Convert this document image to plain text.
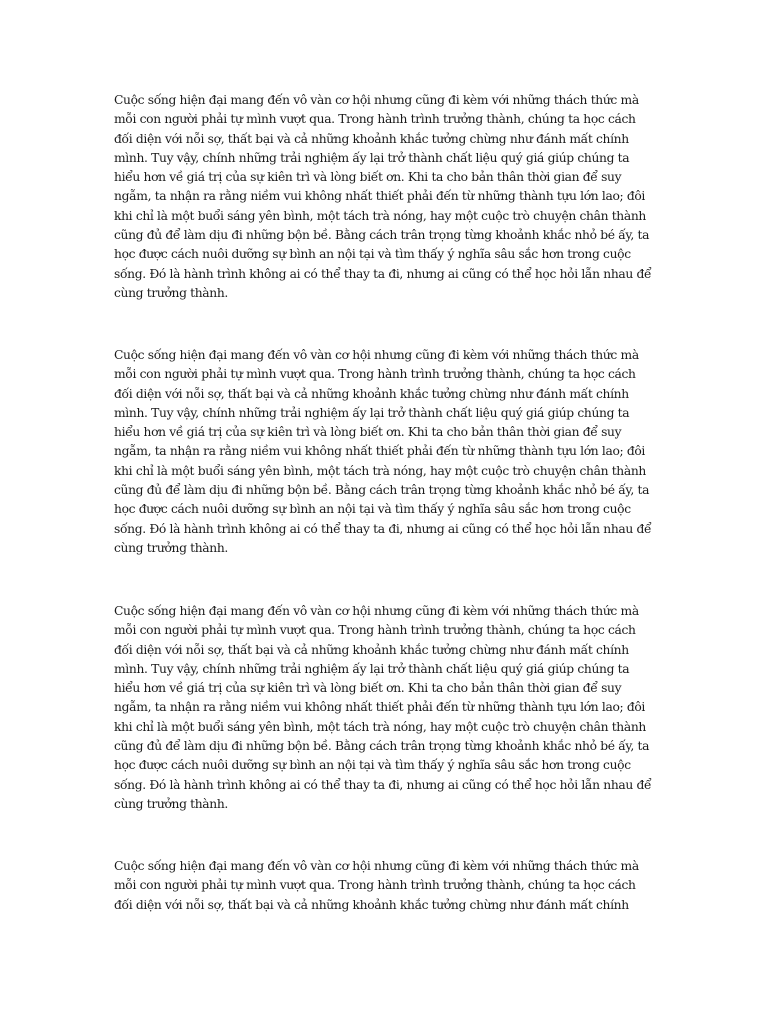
Cuộc sống hiện đại mang đến vô vàn cơ hội nhưng cũng đi kèm với những thách thức mà
mỗi con người phải tự mình vượt qua. Trong hành trình trưởng thành, chúng ta học cách
đối diện với nỗi sợ, thất bại và cả những khoảnh khắc tưởng chừng như đánh mất chính
mình. Tuy vậy, chính những trải nghiệm ấy lại trở thành chất liệu quý giá giúp chúng ta
hiểu hơn về giá trị của sự kiên trì và lòng biết ơn. Khi ta cho bản thân thời gian để suy
ngẫm, ta nhận ra rằng niềm vui không nhất thiết phải đến từ những thành tựu lớn lao; đôi
khi chỉ là một buổi sáng yên bình, một tách trà nóng, hay một cuộc trò chuyện chân thành
cũng đủ để làm dịu đi những bộn bề. Bằng cách trân trọng từng khoảnh khắc nhỏ bé ấy, ta
học được cách nuôi dưỡng sự bình an nội tại và tìm thấy ý nghĩa sâu sắc hơn trong cuộc
sống. Đó là hành trình không ai có thể thay ta đi, nhưng ai cũng có thể học hỏi lẫn nhau để
cùng trưởng thành.

Cuộc sống hiện đại mang đến vô vàn cơ hội nhưng cũng đi kèm với những thách thức mà
mỗi con người phải tự mình vượt qua. Trong hành trình trưởng thành, chúng ta học cách
đối diện với nỗi sợ, thất bại và cả những khoảnh khắc tưởng chừng như đánh mất chính
mình. Tuy vậy, chính những trải nghiệm ấy lại trở thành chất liệu quý giá giúp chúng ta
hiểu hơn về giá trị của sự kiên trì và lòng biết ơn. Khi ta cho bản thân thời gian để suy
ngẫm, ta nhận ra rằng niềm vui không nhất thiết phải đến từ những thành tựu lớn lao; đôi
khi chỉ là một buổi sáng yên bình, một tách trà nóng, hay một cuộc trò chuyện chân thành
cũng đủ để làm dịu đi những bộn bề. Bằng cách trân trọng từng khoảnh khắc nhỏ bé ấy, ta
học được cách nuôi dưỡng sự bình an nội tại và tìm thấy ý nghĩa sâu sắc hơn trong cuộc
sống. Đó là hành trình không ai có thể thay ta đi, nhưng ai cũng có thể học hỏi lẫn nhau để
cùng trưởng thành.

Cuộc sống hiện đại mang đến vô vàn cơ hội nhưng cũng đi kèm với những thách thức mà
mỗi con người phải tự mình vượt qua. Trong hành trình trưởng thành, chúng ta học cách
đối diện với nỗi sợ, thất bại và cả những khoảnh khắc tưởng chừng như đánh mất chính
mình. Tuy vậy, chính những trải nghiệm ấy lại trở thành chất liệu quý giá giúp chúng ta
hiểu hơn về giá trị của sự kiên trì và lòng biết ơn. Khi ta cho bản thân thời gian để suy
ngẫm, ta nhận ra rằng niềm vui không nhất thiết phải đến từ những thành tựu lớn lao; đôi
khi chỉ là một buổi sáng yên bình, một tách trà nóng, hay một cuộc trò chuyện chân thành
cũng đủ để làm dịu đi những bộn bề. Bằng cách trân trọng từng khoảnh khắc nhỏ bé ấy, ta
học được cách nuôi dưỡng sự bình an nội tại và tìm thấy ý nghĩa sâu sắc hơn trong cuộc
sống. Đó là hành trình không ai có thể thay ta đi, nhưng ai cũng có thể học hỏi lẫn nhau để
cùng trưởng thành.

Cuộc sống hiện đại mang đến vô vàn cơ hội nhưng cũng đi kèm với những thách thức mà
mỗi con người phải tự mình vượt qua. Trong hành trình trưởng thành, chúng ta học cách
đối diện với nỗi sợ, thất bại và cả những khoảnh khắc tưởng chừng như đánh mất chính
